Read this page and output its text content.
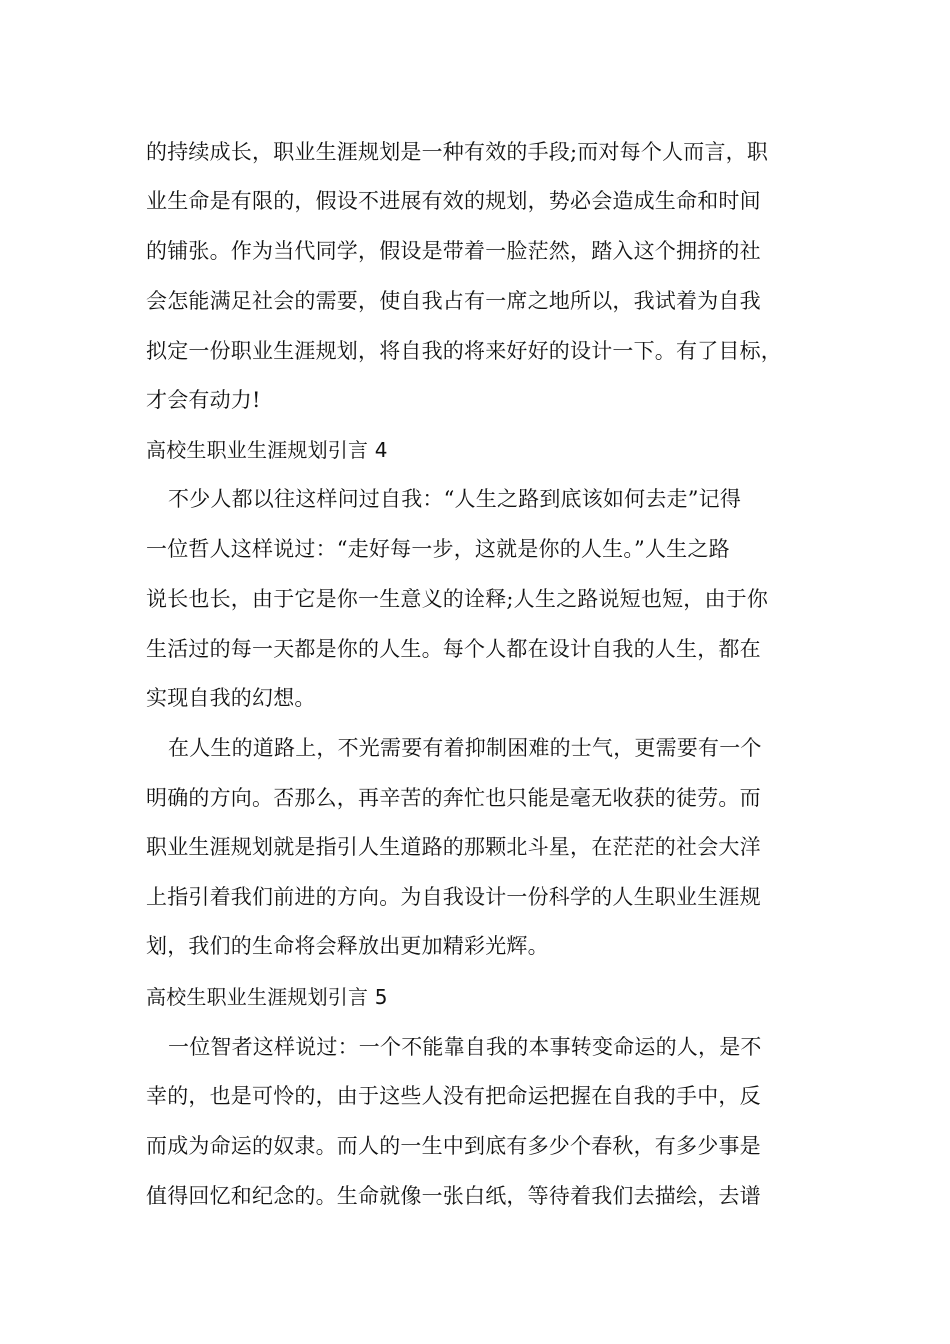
的持续成长，职业生涯规划是一种有效的手段;而对每个人而言，职
业生命是有限的，假设不进展有效的规划，势必会造成生命和时间
的铺张。作为当代同学，假设是带着一脸茫然，踏入这个拥挤的社
会怎能满足社会的需要，使自我占有一席之地所以，我试着为自我
拟定一份职业生涯规划，将自我的将来好好的设计一下。有了目标，
才会有动力!
高校生职业生涯规划引言 4
不少人都以往这样问过自我：“人生之路到底该如何去走”记得
一位哲人这样说过：“走好每一步，这就是你的人生。”人生之路
说长也长，由于它是你一生意义的诠释;人生之路说短也短，由于你
生活过的每一天都是你的人生。每个人都在设计自我的人生，都在
实现自我的幻想。
在人生的道路上，不光需要有着抑制困难的士气，更需要有一个
明确的方向。否那么，再辛苦的奔忙也只能是毫无收获的徒劳。而
职业生涯规划就是指引人生道路的那颗北斗星，在茫茫的社会大洋
上指引着我们前进的方向。为自我设计一份科学的人生职业生涯规
划，我们的生命将会释放出更加精彩光辉。
高校生职业生涯规划引言 5
一位智者这样说过：一个不能靠自我的本事转变命运的人，是不
幸的，也是可怜的，由于这些人没有把命运把握在自我的手中，反
而成为命运的奴隶。而人的一生中到底有多少个春秋，有多少事是
值得回忆和纪念的。生命就像一张白纸，等待着我们去描绘，去谱
